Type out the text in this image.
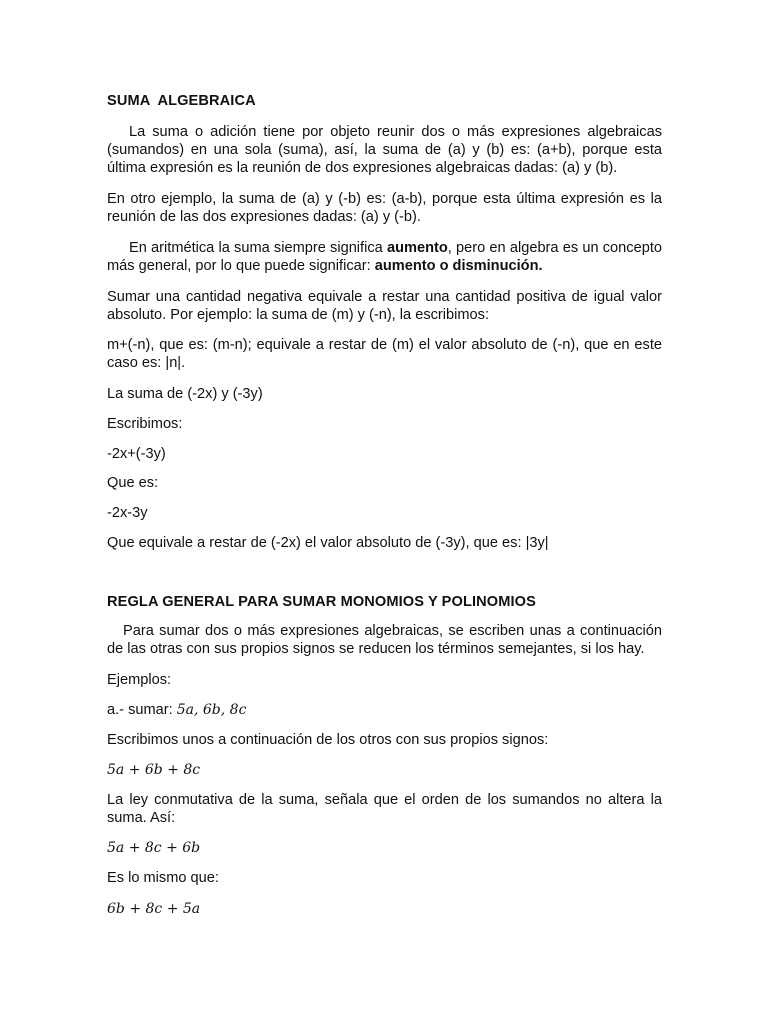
SUMA ALGEBRAICA
La suma o adición tiene por objeto reunir dos o más expresiones algebraicas (sumandos) en una sola (suma), así, la suma de (a) y (b) es: (a+b), porque esta última expresión es la reunión de dos expresiones algebraicas dadas: (a) y (b).
En otro ejemplo, la suma de (a) y (-b) es: (a-b), porque esta última expresión es la reunión de las dos expresiones dadas: (a) y (-b).
En aritmética la suma siempre significa aumento, pero en algebra es un concepto más general, por lo que puede significar: aumento o disminución.
Sumar una cantidad negativa equivale a restar una cantidad positiva de igual valor absoluto. Por ejemplo: la suma de (m) y (-n), la escribimos:
m+(-n), que es: (m-n); equivale a restar de (m) el valor absoluto de (-n), que en este caso es: |n|.
La suma de (-2x) y (-3y)
Escribimos:
-2x+(-3y)
Que es:
-2x-3y
Que equivale a restar de (-2x) el valor absoluto de (-3y), que es: |3y|
REGLA GENERAL PARA SUMAR MONOMIOS Y POLINOMIOS
Para sumar dos o más expresiones algebraicas, se escriben unas a continuación de las otras con sus propios signos se reducen los términos semejantes, si los hay.
Ejemplos:
a.- sumar: 5a, 6b, 8c
Escribimos unos a continuación de los otros con sus propios signos:
5a + 6b + 8c
La ley conmutativa de la suma, señala que el orden de los sumandos no altera la suma. Así:
5a + 8c + 6b
Es lo mismo que:
6b + 8c + 5a
